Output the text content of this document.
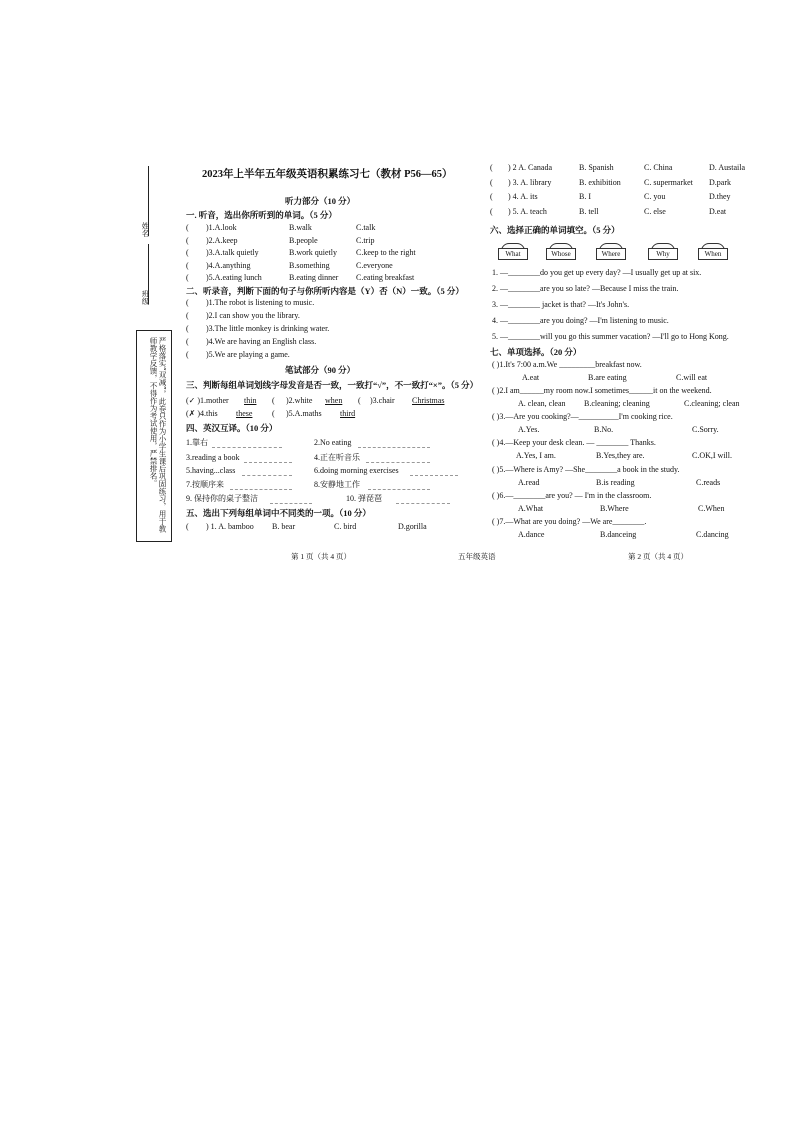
姓名
班级
严格落实“双减”，此卷只作为小学生课后巩固练习，用于教师教学反馈，不得作为考试使用，严禁排名。
2023年上半年五年级英语积累练习七（教材 P56—65）
听力部分（10 分）
一. 听音，选出你所听到的单词。（5 分）
( )1.A.look	B.walk	C.talk
( )2.A.keep	B.people	C.trip
( )3.A.talk quietly	B.work quietly C.keep to the right
( )4.A.anything	B.something	C.everyone
( )5.A.eating lunch	B.eating dinner C.eating breakfast
二、听录音，判断下面的句子与你所听内容是（Y）否（N）一致。（5 分）
( )1.The robot is listening to music.
( )2.I can show you the library.
( )3.The little monkey is drinking water.
( )4.We are having an English class.
( )5.We are playing a game.
笔试部分（90 分）
三、判断每组单词划线字母发音是否一致，一致打“√”，不一致打“×”。（5 分）
(✓ )1.mother thin ( )2.white when ( )3.chair Christmas
(✗ )4.this these ( )5.A.maths third
四、英汉互译。（10 分）
1.靠右	2.No eating
3.reading a book	4.正在听音乐
5.having...class	6.doing morning exercises
7.按顺序来	8.安静地工作
9. 保持你的桌子整洁	10. 弹琵琶
五、选出下列每组单词中不同类的一项。（10 分）
( ) 1. A. bamboo B. bear	C. bird	D.gorilla
( ) 2 A. Canada	B. Spanish	C. China	D. Austaila
( ) 3. A. library	B. exhibition	C. supermarket D.park
( ) 4. A. its	B. I	C. you	D.they
( ) 5. A. teach	B. tell	C. else	D.eat
六、选择正确的单词填空。（5 分）
What	Whose	Where	Why	When
1. —________do you get up every day? —I usually get up at six.
2. —________are you so late? —Because I miss the train.
3. —________ jacket is that? —It's John's.
4. —________are you doing? —I'm listening to music.
5. —________will you go this summer vacation? —I'll go to Hong Kong.
七、单项选择。（20 分）
( )1.It's 7:00 a.m.We _________breakfast now.
A.eat	B.are eating	C.will eat
( )2.I am______my room now.I sometimes______it on the weekend.
A. clean, clean B.cleaning; cleaning	C.cleaning; clean
( )3.—Are you cooking?—__________I'm cooking rice.
A.Yes.	B.No.	C.Sorry.
( )4.—Keep your desk clean. — ________ Thanks.
A.Yes, I am.	B.Yes,they are.	C.OK,I will.
( )5.—Where is Amy? —She________a book in the study.
A.read	B.is reading	C.reads
( )6.—________are you? — I'm in the classroom.
A.What	B.Where	C.When
( )7.—What are you doing? —We are________.
A.dance	B.danceing	C.dancing
第 1 页（共 4 页）	五年级英语	第 2 页（共 4 页）
